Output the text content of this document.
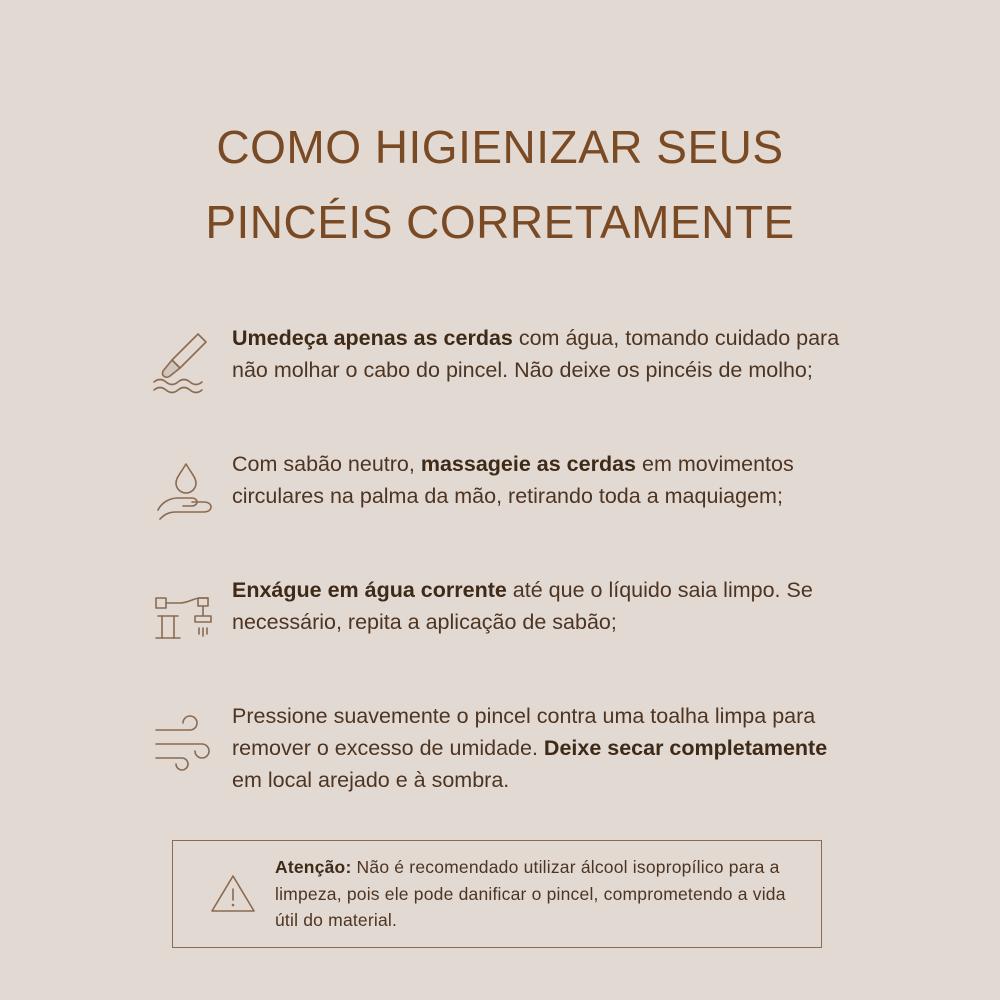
COMO HIGIENIZAR SEUS
PINCÉIS CORRETAMENTE
Umedeça apenas as cerdas com água, tomando cuidado para não molhar o cabo do pincel. Não deixe os pincéis de molho;
Com sabão neutro, massageie as cerdas em movimentos circulares na palma da mão, retirando toda a maquiagem;
Enxágue em água corrente até que o líquido saia limpo. Se necessário, repita a aplicação de sabão;
Pressione suavemente o pincel contra uma toalha limpa para remover o excesso de umidade. Deixe secar completamente em local arejado e à sombra.
Atenção: Não é recomendado utilizar álcool isopropílico para a limpeza, pois ele pode danificar o pincel, comprometendo a vida útil do material.
